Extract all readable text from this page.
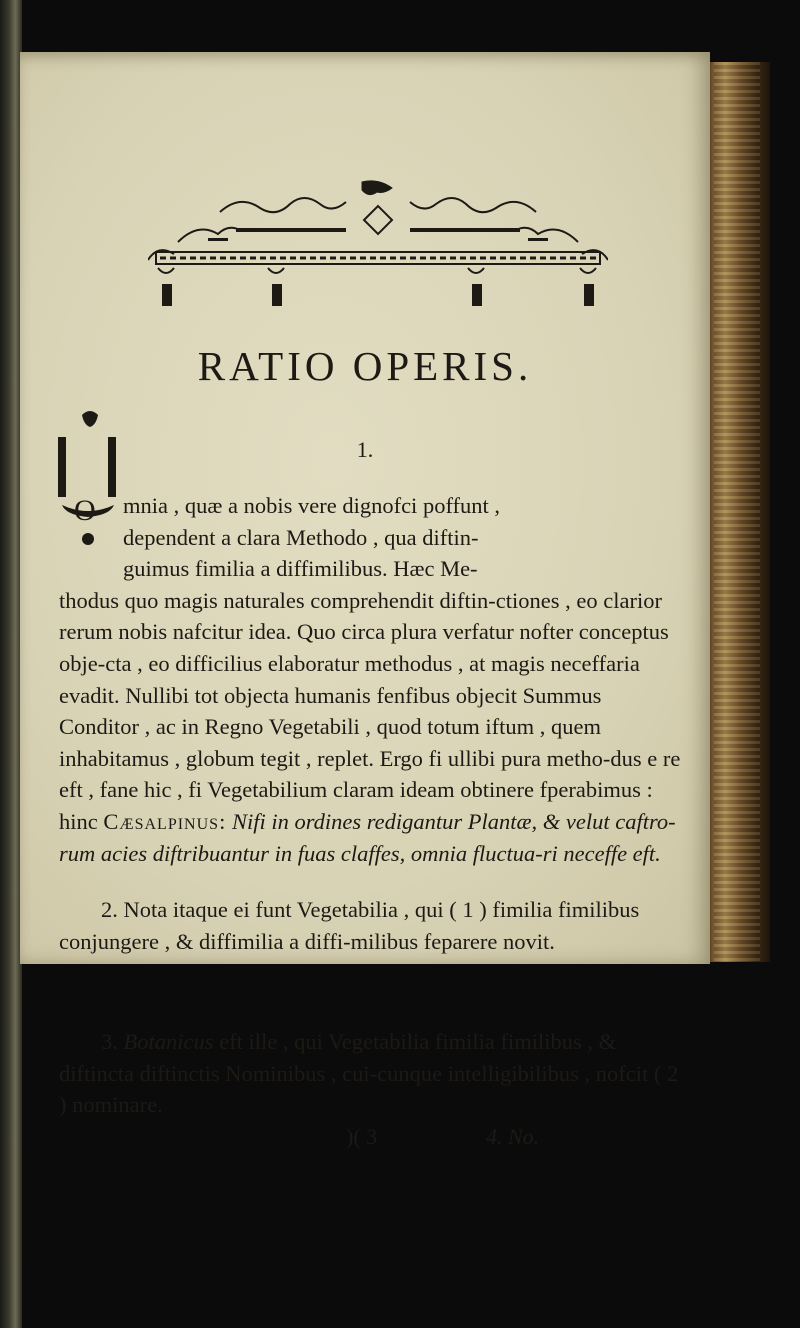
RATIO OPERIS.
1.
O	mnia , quæ a nobis vere dignofci poffunt ,
dependent a clara Methodo , qua diftin-
guimus fimilia a diffimilibus. Hæc Me-
thodus quo magis naturales comprehendit diftin-ctiones , eo clarior rerum nobis nafcitur idea. Quo circa plura verfatur nofter conceptus obje-cta , eo difficilius elaboratur methodus , at magis neceffaria evadit. Nullibi tot objecta humanis fenfibus objecit Summus Conditor , ac in Regno Vegetabili , quod totum iftum , quem inhabitamus , globum tegit , replet. Ergo fi ullibi pura metho-dus e re eft , fane hic , fi Vegetabilium claram ideam obtinere fperabimus : hinc Cæsalpinus: Nifi in ordines redigantur Plantæ, & velut caftro-rum acies diftribuantur in fuas claffes, omnia fluctua-ri neceffe eft.
2. Nota itaque ei funt Vegetabilia , qui ( 1 ) fimilia fimilibus conjungere , & diffimilia a diffi-milibus feparere novit.
3. Botanicus eft ille , qui Vegetabilia fimilia fimilibus , & diftincta diftinctis Nominibus , cui-cunque intelligibilibus , nofcit ( 2 ) nominare.
)( 3	4. No.
